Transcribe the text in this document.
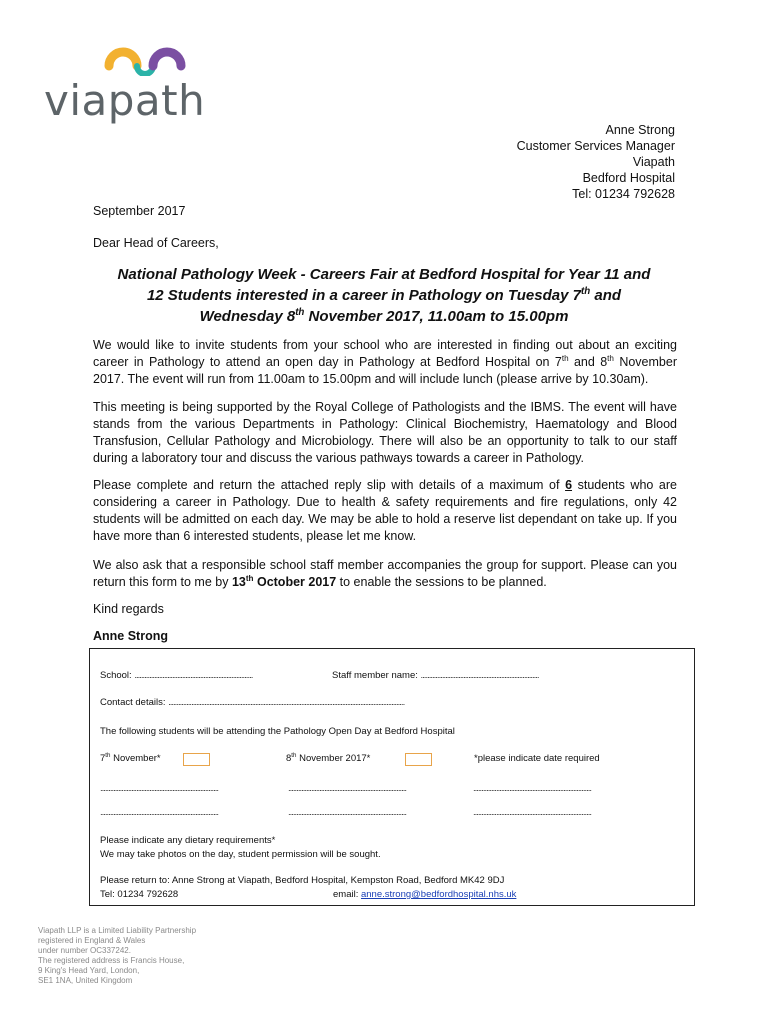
viapath
Anne Strong
Customer Services Manager
Viapath
Bedford Hospital
Tel: 01234 792628
September 2017
Dear Head of Careers,
National Pathology Week - Careers Fair at Bedford Hospital for Year 11 and
12 Students interested in a career in Pathology on Tuesday 7th and
Wednesday 8th November 2017, 11.00am to 15.00pm
We would like to invite students from your school who are interested in finding out about an exciting career in Pathology to attend an open day in Pathology at Bedford Hospital on 7th and 8th November 2017. The event will run from 11.00am to 15.00pm and will include lunch (please arrive by 10.30am).
This meeting is being supported by the Royal College of Pathologists and the IBMS. The event will have stands from the various Departments in Pathology: Clinical Biochemistry, Haematology and Blood Transfusion, Cellular Pathology and Microbiology. There will also be an opportunity to talk to our staff during a laboratory tour and discuss the various pathways towards a career in Pathology.
Please complete and return the attached reply slip with details of a maximum of 6 students who are considering a career in Pathology. Due to health & safety requirements and fire regulations, only 42 students will be admitted on each day. We may be able to hold a reserve list dependant on take up. If you have more than 6 interested students, please let me know.
We also ask that a responsible school staff member accompanies the group for support. Please can you return this form to me by 13th October 2017 to enable the sessions to be planned.
Kind regards
Anne Strong
School: ........................................................................	Staff member name: ........................................................................
Contact details: ................................................................................................................................................
The following students will be attending the Pathology Open Day at Bedford Hospital
7th November*	8th November 2017*	*please indicate date required
........................................................................	........................................................................	........................................................................
........................................................................	........................................................................	........................................................................
Please indicate any dietary requirements*
We may take photos on the day, student permission will be sought.
Please return to: Anne Strong at Viapath, Bedford Hospital, Kempston Road, Bedford MK42 9DJ
Tel: 01234 792628	email: anne.strong@bedfordhospital.nhs.uk
Viapath LLP is a Limited Liability Partnership
registered in England & Wales
under number OC337242.
The registered address is Francis House,
9 King's Head Yard, London,
SE1 1NA, United Kingdom
